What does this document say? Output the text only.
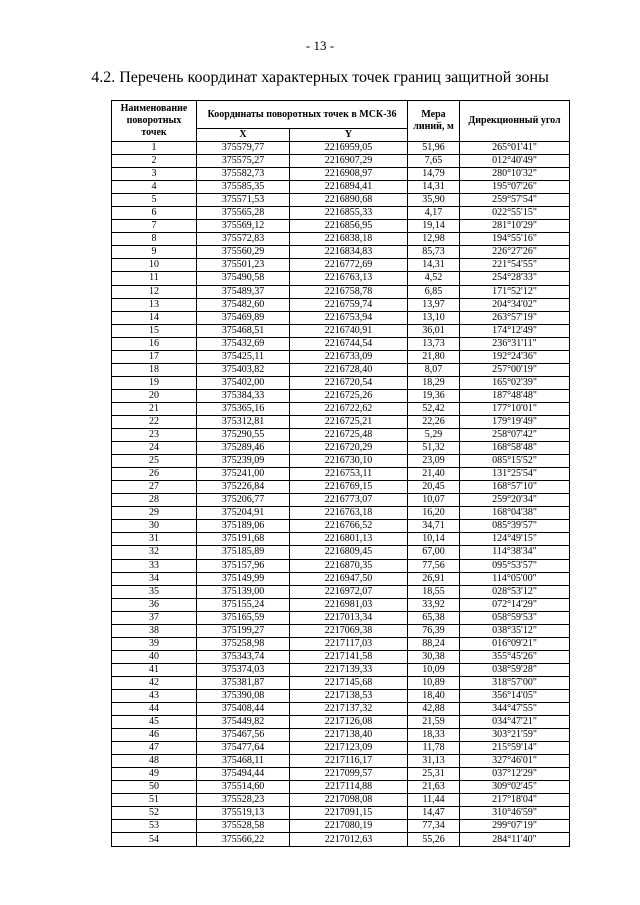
- 13 -
4.2. Перечень координат характерных точек границ защитной зоны
Наименование поворотных точек	Координаты поворотных точек в МСК-36		Мера линий, м	Дирекционный угол
	X	Y		
1	375579,77	2216959,05	51,96	265°01'41"
2	375575,27	2216907,29	7,65	012°40'49"
3	375582,73	2216908,97	14,79	280°10'32"
4	375585,35	2216894,41	14,31	195°07'26"
5	375571,53	2216890,68	35,90	259°57'54"
6	375565,28	2216855,33	4,17	022°55'15"
7	375569,12	2216856,95	19,14	281°10'29"
8	375572,83	2216838,18	12,98	194°55'16"
9	375560,29	2216834,83	85,73	226°27'26"
10	375501,23	2216772,69	14,31	221°54'55"
11	375490,58	2216763,13	4,52	254°28'33"
12	375489,37	2216758,78	6,85	171°52'12"
13	375482,60	2216759,74	13,97	204°34'02"
14	375469,89	2216753,94	13,10	263°57'19"
15	375468,51	2216740,91	36,01	174°12'49"
16	375432,69	2216744,54	13,73	236°31'11"
17	375425,11	2216733,09	21,80	192°24'36"
18	375403,82	2216728,40	8,07	257°00'19"
19	375402,00	2216720,54	18,29	165°02'39"
20	375384,33	2216725,26	19,36	187°48'48"
21	375365,16	2216722,62	52,42	177°10'01"
22	375312,81	2216725,21	22,26	179°19'49"
23	375290,55	2216725,48	5,29	258°07'42"
24	375289,46	2216720,29	51,32	168°58'48"
25	375239,09	2216730,10	23,09	085°15'52"
26	375241,00	2216753,11	21,40	131°25'54"
27	375226,84	2216769,15	20,45	168°57'10"
28	375206,77	2216773,07	10,07	259°20'34"
29	375204,91	2216763,18	16,20	168°04'38"
30	375189,06	2216766,52	34,71	085°39'57"
31	375191,68	2216801,13	10,14	124°49'15"
32	375185,89	2216809,45	67,00	114°38'34"
33	375157,96	2216870,35	77,56	095°53'57"
34	375149,99	2216947,50	26,91	114°05'00"
35	375139,00	2216972,07	18,55	028°53'12"
36	375155,24	2216981,03	33,92	072°14'29"
37	375165,59	2217013,34	65,38	058°59'53"
38	375199,27	2217069,38	76,39	038°35'12"
39	375258,98	2217117,03	88,24	016°09'21"
40	375343,74	2217141,58	30,38	355°45'26"
41	375374,03	2217139,33	10,09	038°59'28"
42	375381,87	2217145,68	10,89	318°57'00"
43	375390,08	2217138,53	18,40	356°14'05"
44	375408,44	2217137,32	42,88	344°47'55"
45	375449,82	2217126,08	21,59	034°47'21"
46	375467,56	2217138,40	18,33	303°21'59"
47	375477,64	2217123,09	11,78	215°59'14"
48	375468,11	2217116,17	31,13	327°46'01"
49	375494,44	2217099,57	25,31	037°12'29"
50	375514,60	2217114,88	21,63	309°02'45"
51	375528,23	2217098,08	11,44	217°18'04"
52	375519,13	2217091,15	14,47	310°46'59"
53	375528,58	2217080,19	77,34	299°07'19"
54	375566,22	2217012,63	55,26	284°11'40"
